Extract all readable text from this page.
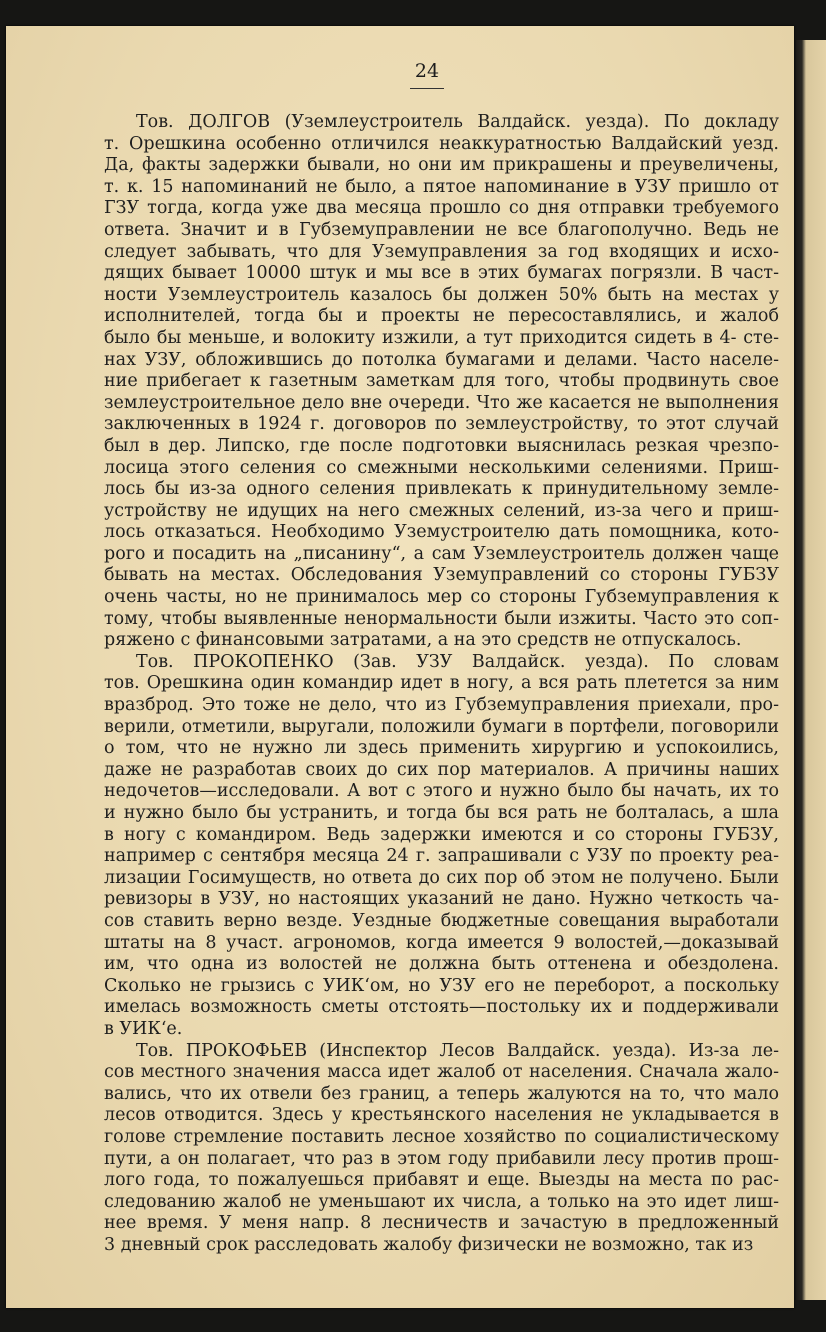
24
Тов. ДОЛГОВ (Уземлеустроитель Валдайск. уезда). По докладу
т. Орешкина особенно отличился неаккуратностью Валдайский уезд.
Да, факты задержки бывали, но они им прикрашены и преувеличены,
т. к. 15 напоминаний не было, а пятое напоминание в УЗУ пришло от
ГЗУ тогда, когда уже два месяца прошло со дня отправки требуемого
ответа. Значит и в Губземуправлении не все благополучно. Ведь не
следует забывать, что для Уземуправления за год входящих и исхо-
дящих бывает 10000 штук и мы все в этих бумагах погрязли. В част-
ности Уземлеустроитель казалось бы должен 50% быть на местах у
исполнителей, тогда бы и проекты не пересоставлялись, и жалоб
было бы меньше, и волокиту изжили, а тут приходится сидеть в 4- сте-
нах УЗУ, обложившись до потолка бумагами и делами. Часто населе-
ние прибегает к газетным заметкам для того, чтобы продвинуть свое
землеустроительное дело вне очереди. Что же касается не выполнения
заключенных в 1924 г. договоров по землеустройству, то этот случай
был в дер. Липско, где после подготовки выяснилась резкая чрезпо-
лосица этого селения со смежными несколькими селениями. Приш-
лось бы из-за одного селения привлекать к принудительному земле-
устройству не идущих на него смежных селений, из-за чего и приш-
лось отказаться. Необходимо Уземустроителю дать помощника, кото-
рого и посадить на „писанину“, а сам Уземлеустроитель должен чаще
бывать на местах. Обследования Уземуправлений со стороны ГУБЗУ
очень часты, но не принималось мер со стороны Губземуправления к
тому, чтобы выявленные ненормальности были изжиты. Часто это соп-
ряжено с финансовыми затратами, а на это средств не отпускалось.
Тов. ПРОКОПЕНКО (Зав. УЗУ Валдайск. уезда). По словам
тов. Орешкина один командир идет в ногу, а вся рать плетется за ним
вразброд. Это тоже не дело, что из Губземуправления приехали, про-
верили, отметили, выругали, положили бумаги в портфели, поговорили
о том, что не нужно ли здесь применить хирургию и успокоились,
даже не разработав своих до сих пор материалов. А причины наших
недочетов—исследовали. А вот с этого и нужно было бы начать, их то
и нужно было бы устранить, и тогда бы вся рать не болталась, а шла
в ногу с командиром. Ведь задержки имеются и со стороны ГУБЗУ,
например с сентября месяца 24 г. запрашивали с УЗУ по проекту реа-
лизации Госимуществ, но ответа до сих пор об этом не получено. Были
ревизоры в УЗУ, но настоящих указаний не дано. Нужно четкость ча-
сов ставить верно везде. Уездные бюджетные совещания выработали
штаты на 8 участ. агрономов, когда имеется 9 волостей,—доказывай
им, что одна из волостей не должна быть оттенена и обездолена.
Сколько не грызись с УИК‘ом, но УЗУ его не переборот, а поскольку
имелась возможность сметы отстоять—постольку их и поддерживали
в УИК‘е.
Тов. ПРОКОФЬЕВ (Инспектор Лесов Валдайск. уезда). Из-за ле-
сов местного значения масса идет жалоб от населения. Сначала жало-
вались, что их отвели без границ, а теперь жалуются на то, что мало
лесов отводится. Здесь у крестьянского населения не укладывается в
голове стремление поставить лесное хозяйство по социалистическому
пути, а он полагает, что раз в этом году прибавили лесу против прош-
лого года, то пожалуешься прибавят и еще. Выезды на места по рас-
следованию жалоб не уменьшают их числа, а только на это идет лиш-
нее время. У меня напр. 8 лесничеств и зачастую в предложенный
3 дневный срок расследовать жалобу физически не возможно, так из
